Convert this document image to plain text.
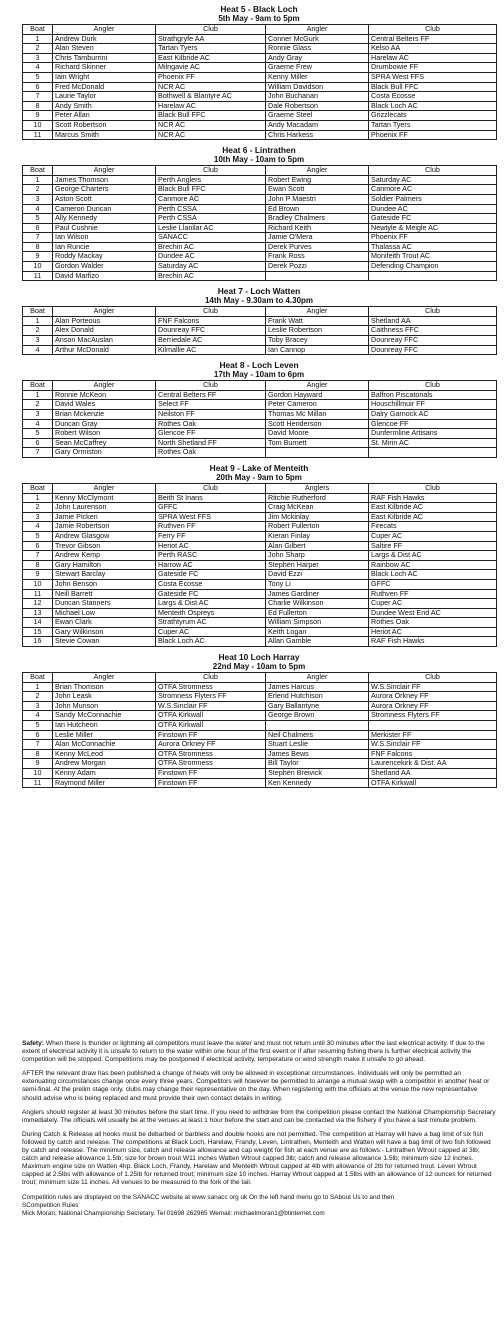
Heat 5 - Black Loch
5th May - 9am to 5pm
Boat	Angler	Club	Angler	Club
1	Andrew Durk	Strathgryfe AA	Conner McGurk	Central Belters FF
2	Alan Steven	Tartan Tyers	Ronnie Glass	Kelso AA
3	Chris Tamburrini	East Kilbride AC	Andy Gray	Harelaw AC
4	Richard Skinner	Milngavie AC	Graeme Frew	Drumbowie FF
5	Iain Wright	Phoenix FF	Kenny Miller	SPRA West FFS
6	Fred McDonald	NCR AC	William Davidson	Black Bull FFC
7	Laurie Taylor	Bothwell & Blantyre AC	John Buchanan	Costa Ecosse
8	Andy Smith	Harelaw AC	Dale Robertson	Black Loch AC
9	Peter Allan	Black Bull FFC	Graeme Steel	Grizzlecats
10	Scott Robertson	NCR AC	Andy Macadam	Tartan Tyers
11	Marcus Smith	NCR AC	Chris Harkess	Phoenix FF
Heat 6 - Lintrathen
10th May - 10am to 5pm
Boat	Angler	Club	Angler	Club
1	James Thomson	Perth Anglers	Robert Ewing	Saturday AC
2	George Charters	Black Bull FFC	Ewan Scott	Canmore AC
3	Aston Scott	Canmore AC	John P Maestri	Soldier Palmers
4	Cameron Duncan	Perth CSSA	Ed Brown	Dundee AC
5	Ally Kennedy	Perth CSSA	Bradley Chalmers	Gateside FC
6	Paul Cushnie	Leslie Llanilar AC	Richard Keith	Newtyle & Meigle AC
7	Ian Wilson	SANACC	Jamie O'Mera	Phoenix FF
8	Ian Runcie	Brechin AC	Derek Purves	Thalassa AC
9	Roddy Mackay	Dundee AC	Frank Ross	Monifeith Trout AC
10	Gordon Walder	Saturday AC	Derek Pozzi	Defending Champion
11	David Marfizo	Brechin AC		
Heat 7 - Loch Watten
14th May - 9.30am to 4.30pm
Boat	Angler	Club	Angler	Club
1	Alan Porteous	FNF Falcons	Frank Watt	Shetland AA
2	Alex Donald	Dounreay FFC	Leslie Robertson	Caithness FFC
3	Anson MacAuslan	Berriedale AC	Toby Bracey	Dounreay FFC
4	Arthur McDonald	Kilmallie AC	Ian Cannop	Dounreay FFC
Heat 8 - Loch Leven
17th May - 10am to 6pm
Boat	Angler	Club	Angler	Club
1	Ronnie McKeon	Central Belters FF	Gordon Hayward	Balfron Piscatorials
2	David Wales	Select FF	Peter Cameron	Houschillmuir FF
3	Brian Mckenzie	Neilston FF	Thomas Mc Millan	Dalry Garnock AC
4	Duncan Gray	Rothes Oak	Scott Henderson	Glencoe FF
5	Robert Wilson	Glencoe FF	David Moore	Dunfermline Artisans
6	Sean McCaffrey	North Shetland FF	Tom Burnett	St. Mirin AC
7	Gary Ormiston	Rothes Oak		
Heat 9 - Lake of Menteith
20th May - 9am to 5pm
Boat	Angler	Club	Anglers	Club
1	Kenny McClymont	Beith St Inans	Ritchie Rutherford	RAF Fish Hawks
2	John Laurenson	GFFC	Craig McKean	East Kilbride AC
3	Jamie Picken	SPRA West FFS	Jim Mckinlay	East Kilbride AC
4	Jamie Robertson	Ruthven FF	Robert Fullerton	Firecats
5	Andrew Glasgow	Ferry FF	Kieran Finlay	Cuper AC
6	Trevor Gibson	Heriot AC	Alan Gilbert	Saltire FF
7	Andrew Kemp	Perth RASC	John Sharp	Largs & Dist AC
8	Gary Hamilton	Harrow AC	Stephen Harper	Rainbow AC
9	Stewart Barclay	Gateside FC	David Ezzi	Black Loch AC
10	John Benson	Costa Ecosse	Tony Li	GFFC
11	Neill Barrett	Gateside FC	James Gardiner	Ruthven FF
12	Duncan Stanners	Largs & Dist AC	Charlie Wilkinson	Cuper AC
13	Michael Low	Menteith Ospreys	Ed Fullerton	Dundee West End AC
14	Ewan Clark	Strathtyrum AC	William Simpson	Rothes Oak
15	Gary Wilkinson	Cuper AC	Keith Logan	Heriot AC
16	Stevie Cowan	Black Loch AC	Allan Gamble	RAF Fish Hawks
Heat 10 Loch Harray
22nd May - 10am to 5pm
Boat	Angler	Club	Angler	Club
1	Brian Thomson	OTFA Stromness	James Harcus	W.S.Sinclair FF
2	John Leask	Stromness Flyters FF	Erlend Hutchison	Aurora Orkney FF
3	John Munson	W.S.Sinclair FF	Gary Ballantyne	Aurora Orkney FF
4	Sandy McConnachie	OTFA Kirkwall	George Brown	Stromness Flyters FF
5	Ian Hutcheon	OTFA Kirkwall		
6	Leslie Miller	Finstown FF	Neil Chalmers	Merkister FF
7	Alan McConnachie	Aurora Orkney FF	Stuart Leslie	W.S.Sinclair FF
8	Kenny McLeod	OTFA Stromness	James Bews	FNF Falcons
9	Andrew Morgan	OTFA Stromness	Bill Taylor	Laurencekirk & Dist. AA
10	Kenny Adam	Finstown FF	Stephen Breivick	Shetland AA
11	Raymond Miller	Finstown FF	Ken Kennedy	OTFA Kirkwall

Safety: When there is thunder or lightning all competitors must leave the water and must not return until 30 minutes after the last electrical activity. If due to the extent of electrical activity it is unsafe to return to the water within one hour of the first event or if after resuming fishing there is further electrical activity the competition will be stopped. Competitions may be postponed if electrical activity, temperature or wind strength make it unsafe to go ahead.

AFTER the relevant draw has been published a change of heats will only be allowed in exceptional circumstances. Individuals will only be permitted an extenuating circumstances change once every three years. Competitors will however be permitted to arrange a mutual swap with a competitor in another heat or semi-final. At the prelim stage only, clubs may change their representative on the day. When registering with the officials at the venue the new representative should advise who is being replaced and must provide their own contact details in writing.

Anglers should register at least 30 minutes before the start time. If you need to withdraw from the competition please contact the National Championship Secretary immediately. The officials will usually be at the venues at least 1 hour before the start and can be contacted via the fishery if you have a last minute problem.

During Catch & Release all hooks must be debarbed or barbless and double hooks are not permitted. The competition at Harray will have a bag limit of six fish followed by catch and release. The competitions at Black Loch, Harelaw, Frandy, Leven, Lintrathen, Menteith and Watten will have a bag limit of two fish followed by catch and release. The minimum size, catch and release allowance and cap weight for fish at each venue are as follows:- Lintrathen Wtrout capped at 3lb; catch and release allowance 1.5lb; size for brown trout W11 inches Watten Wtrout capped 3lb; catch and release allowance 1.5lb; minimum size 12 inches. Maximum engine size on Watten 4hp. Black Loch, Frandy, Harelaw and Menteith Wtrout capped at 4lb with allowance of 2lb for returned trout. Leven Wtrout capped at 2.5lbs with allowance of 1.25lb for returned trout; minimum size 10 inches. Harray Wtrout capped at 1.5lbs with an allowance of 12 ounces for returned trout; minimum size 11 inches. All venues to be measured to the fork of the tail.

Competition rules are displayed on the SANACC website at www sanacc org uk On the left hand menu go to SAbout Us to and then
SCompetition Rules
Mick Moran, National Championship Secretary. Tel 01698 262965 Wemail: michaelmoran1@btinternet.com
